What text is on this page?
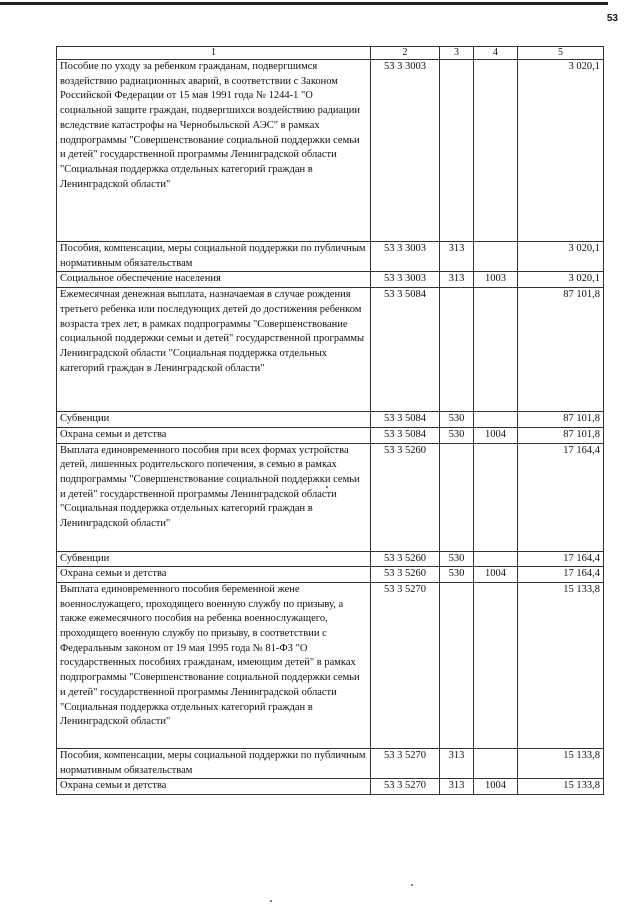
53
1	2	3	4	5
Пособие по уходу за ребенком гражданам, подвергшимся воздействию радиационных аварий, в соответствии с Законом Российской Федерации от 15 мая 1991 года № 1244-1 "О социальной защите граждан, подвергшихся воздействию радиации вследствие катастрофы на Чернобыльской АЭС" в рамках подпрограммы "Совершенствование социальной поддержки семьи и детей" государственной программы Ленинградской области "Социальная поддержка отдельных категорий граждан в Ленинградской области"	53 3 3003			3 020,1
Пособия, компенсации, меры социальной поддержки по публичным нормативным обязательствам	53 3 3003	313		3 020,1
Социальное обеспечение населения	53 3 3003	313	1003	3 020,1
Ежемесячная денежная выплата, назначаемая в случае рождения третьего ребенка или последующих детей до достижения ребенком возраста трех лет, в рамках подпрограммы "Совершенствование социальной поддержки семьи и детей" государственной программы Ленинградской области "Социальная поддержка отдельных категорий граждан в Ленинградской области"	53 3 5084			87 101,8
Субвенции	53 3 5084	530		87 101,8
Охрана семьи и детства	53 3 5084	530	1004	87 101,8
Выплата единовременного пособия при всех формах устройства детей, лишенных родительского попечения, в семью в рамках подпрограммы "Совершенствование социальной поддержки семьи и детей" государственной программы Ленинградской области "Социальная поддержка отдельных категорий граждан в Ленинградской области"	53 3 5260			17 164,4
Субвенции	53 3 5260	530		17 164,4
Охрана семьи и детства	53 3 5260	530	1004	17 164,4
Выплата единовременного пособия беременной жене военнослужащего, проходящего военную службу по призыву, а также ежемесячного пособия на ребенка военнослужащего, проходящего военную службу по призыву, в соответствии с Федеральным законом от 19 мая 1995 года № 81-ФЗ "О государственных пособиях гражданам, имеющим детей" в рамках подпрограммы "Совершенствование социальной поддержки семьи и детей" государственной программы Ленинградской области "Социальная поддержка отдельных категорий граждан в Ленинградской области"	53 3 5270			15 133,8
Пособия, компенсации, меры социальной поддержки по публичным нормативным обязательствам	53 3 5270	313		15 133,8
Охрана семьи и детства	53 3 5270	313	1004	15 133,8
